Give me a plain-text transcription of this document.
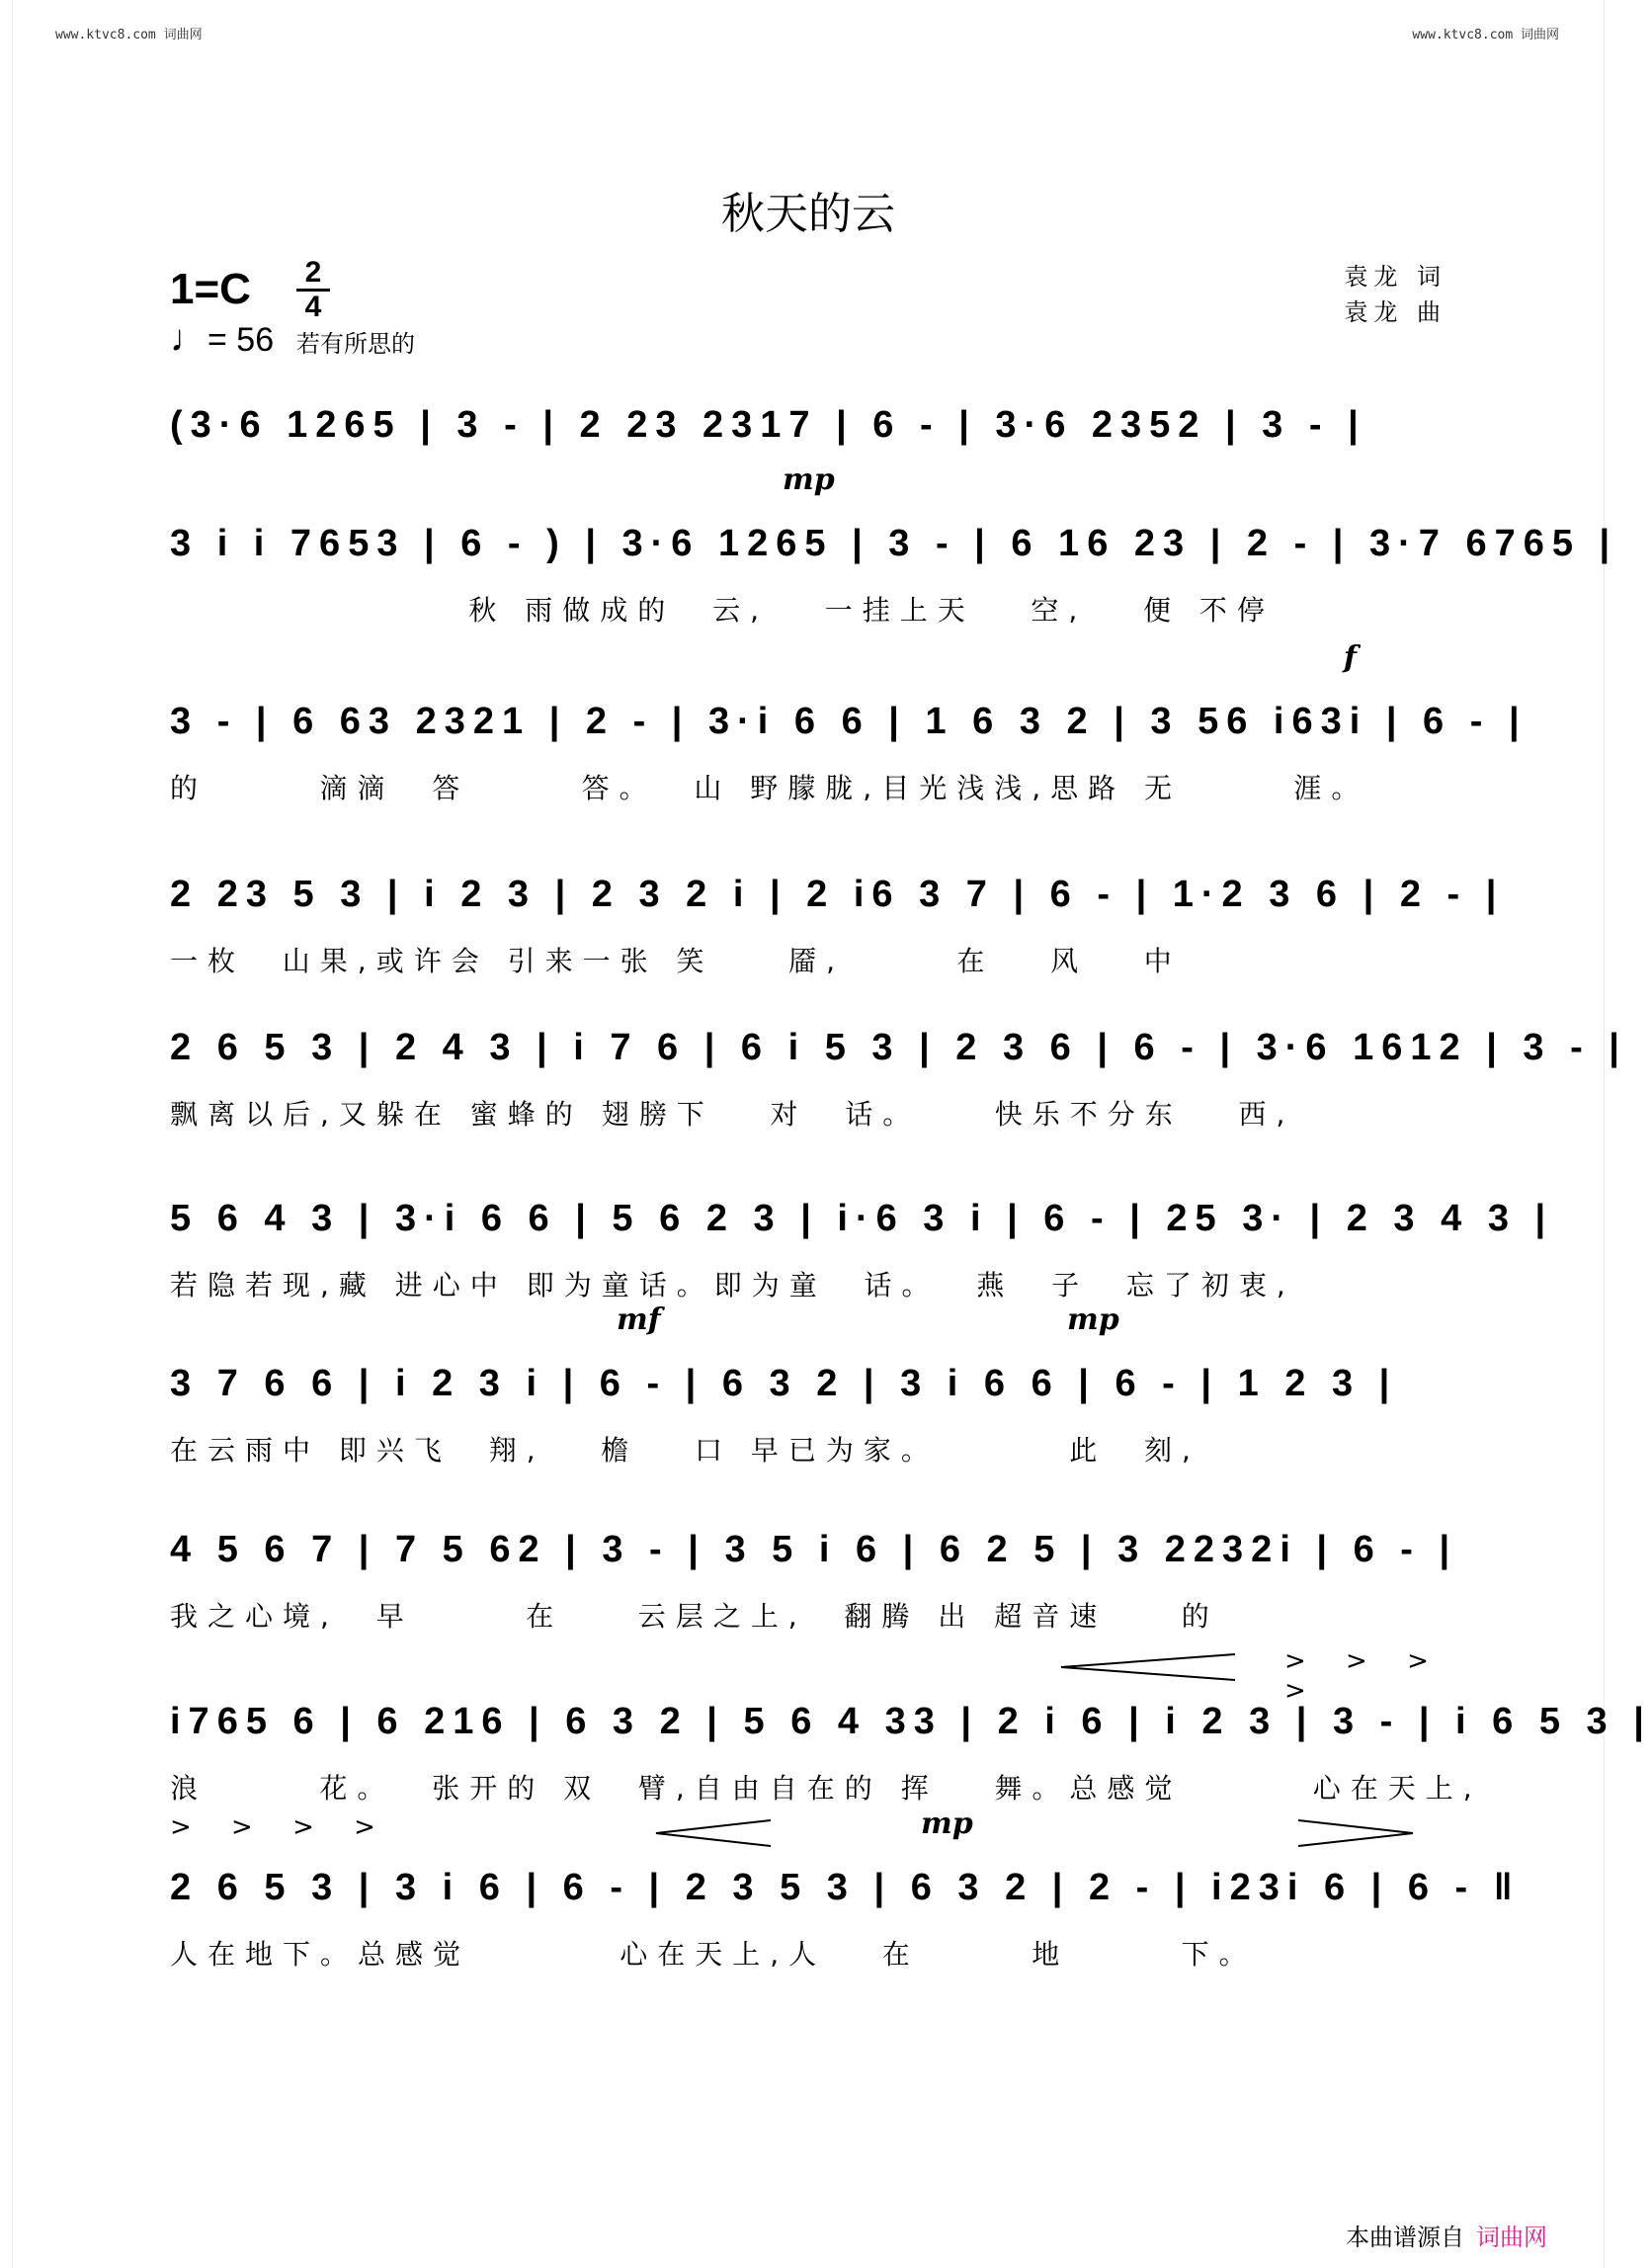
www.ktvc8.com 词曲网	www.ktvc8.com 词曲网
秋天的云
1=C 2
4
♩= 56 若有所思的
袁龙 词
袁龙 曲
(3·6 1265 | 3 - | 2 23 2317 | 6 - | 3·6 2352 | 3 - |
mp
3 i i 7653 | 6 - ) | 3·6 1265 | 3 - | 6 16 23 | 2 - | 3·7 6765 |
秋 雨做成的  云,   一挂上天   空,   便 不停
f
3 - | 6 63 2321 | 2 - | 3·i 6 6 | 1 6 3 2 | 3 56 i63i | 6 - |
的      滴滴  答      答。  山 野朦胧,目光浅浅,思路 无      涯。
2 23 5 3 | i 2 3 | 2 3 2 i | 2 i6 3 7 | 6 - | 1·2 3 6 | 2 - |
一枚  山果,或许会 引来一张 笑    靥,      在   风   中
2 6 5 3 | 2 4 3 | i 7 6 | 6 i 5 3 | 2 3 6 | 6 - | 3·6 1612 | 3 - |
飘离以后,又躲在 蜜蜂的 翅膀下   对  话。    快乐不分东   西,
5 6 4 3 | 3·i 6 6 | 5 6 2 3 | i·6 3 i | 6 - | 25 3· | 2 3 4 3 |
若隐若现,藏 进心中 即为童话。即为童  话。  燕  子  忘了初衷,
mf	mp
3 7 6 6 | i 2 3 i | 6 - | 6 3 2 | 3 i 6 6 | 6 - | 1 2 3 |
在云雨中 即兴飞  翔,   檐   口 早已为家。       此  刻,
4 5 6 7 | 7 5 62 | 3 - | 3 5 i 6 | 6 2 5 | 3 2232i | 6 - |
我之心境,  早      在    云层之上,  翻腾 出 超音速    的
> > > >
i765 6 | 6 216 | 6 3 2 | 5 6 4 33 | 2 i 6 | i 2 3 | 3 - | i 6 5 3 |
浪      花。  张开的 双  臂,自由自在的 挥   舞。总感觉       心在天上,
> > > >	mp
2 6 5 3 | 3 i 6 | 6 - | 2 3 5 3 | 6 3 2 | 2 - | i23i 6 | 6 - ‖
人在地下。总感觉        心在天上,人   在      地      下。
本曲谱源自 词曲网
